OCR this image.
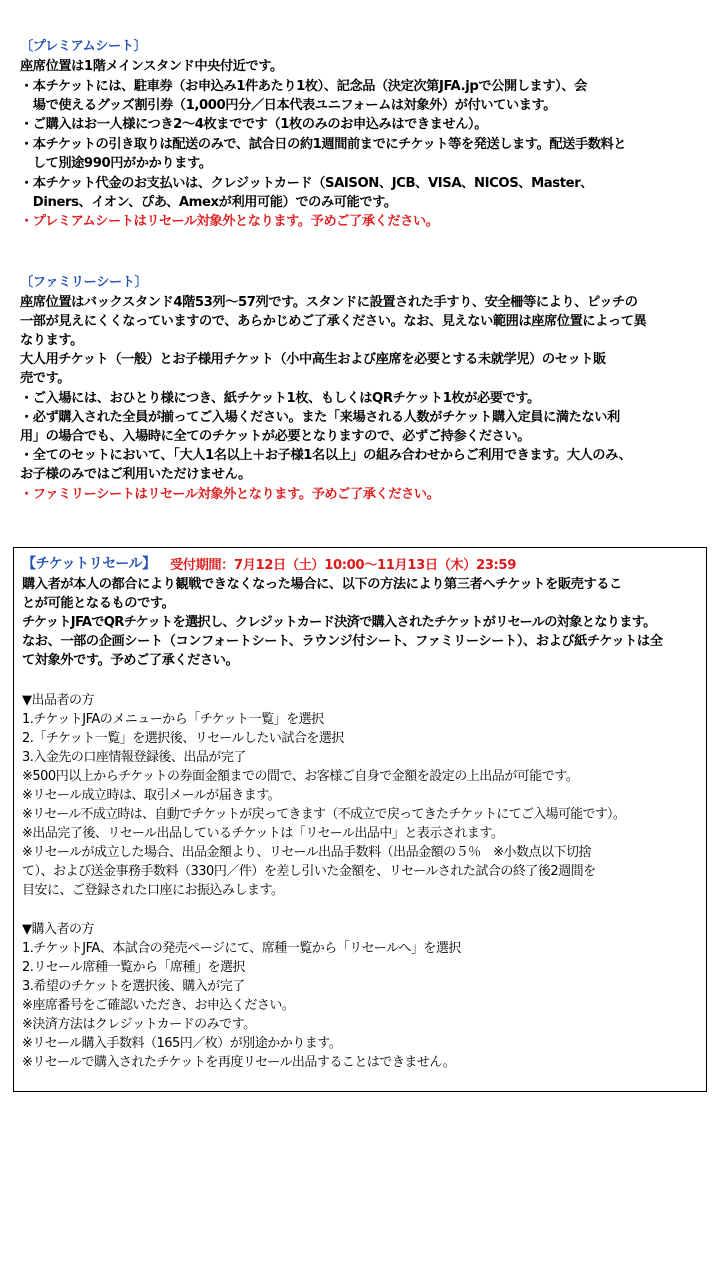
〔プレミアムシート〕
座席位置は1階メインスタンド中央付近です。
・本チケットには、駐車券（お申込み1件あたり1枚）、記念品（決定次第JFA.jpで公開します）、会
　場で使えるグッズ割引券（1,000円分／日本代表ユニフォームは対象外）が付いています。
・ご購入はお一人様につき2～4枚までです（1枚のみのお申込みはできません）。
・本チケットの引き取りは配送のみで、試合日の約1週間前までにチケット等を発送します。配送手数料と
　して別途990円がかかります。
・本チケット代金のお支払いは、クレジットカード（SAISON、JCB、VISA、NICOS、Master、
　Diners、イオン、ぴあ、Amexが利用可能）でのみ可能です。
・プレミアムシートはリセール対象外となります。予めご了承ください。
〔ファミリーシート〕
座席位置はバックスタンド4階53列～57列です。スタンドに設置された手すり、安全柵等により、ピッチの
一部が見えにくくなっていますので、あらかじめご了承ください。なお、見えない範囲は座席位置によって異
なります。
大人用チケット（一般）とお子様用チケット（小中高生および座席を必要とする未就学児）のセット販
売です。
・ご入場には、おひとり様につき、紙チケット1枚、もしくはQRチケット1枚が必要です。
・必ず購入された全員が揃ってご入場ください。また「来場される人数がチケット購入定員に満たない利
用」の場合でも、入場時に全てのチケットが必要となりますので、必ずご持参ください。
・全てのセットにおいて、「大人1名以上＋お子様1名以上」の組み合わせからご利用できます。大人のみ、
お子様のみではご利用いただけません。
・ファミリーシートはリセール対象外となります。予めご了承ください。
【チケットリセール】 受付期間：7月12日（土）10:00～11月13日（木）23:59
購入者が本人の都合により観戦できなくなった場合に、以下の方法により第三者へチケットを販売するこ
とが可能となるものです。
チケットJFAでQRチケットを選択し、クレジットカード決済で購入されたチケットがリセールの対象となります。
なお、一部の企画シート（コンフォートシート、ラウンジ付シート、ファミリーシート）、および紙チケットは全
て対象外です。予めご了承ください。
▼出品者の方
1.チケットJFAのメニューから「チケット一覧」を選択
2.「チケット一覧」を選択後、リセールしたい試合を選択
3.入金先の口座情報登録後、出品が完了
※500円以上からチケットの券面金額までの間で、お客様ご自身で金額を設定の上出品が可能です。
※リセール成立時は、取引メールが届きます。
※リセール不成立時は、自動でチケットが戻ってきます（不成立で戻ってきたチケットにてご入場可能です）。
※出品完了後、リセール出品しているチケットは「リセール出品中」と表示されます。
※リセールが成立した場合、出品金額より、リセール出品手数料（出品金額の５％　※小数点以下切捨
て）、および送金事務手数料（330円／件）を差し引いた金額を、リセールされた試合の終了後2週間を
目安に、ご登録された口座にお振込みします。
▼購入者の方
1.チケットJFA、本試合の発売ページにて、席種一覧から「リセールへ」を選択
2.リセール席種一覧から「席種」を選択
3.希望のチケットを選択後、購入が完了
※座席番号をご確認いただき、お申込ください。
※決済方法はクレジットカードのみです。
※リセール購入手数料（165円／枚）が別途かかります。
※リセールで購入されたチケットを再度リセール出品することはできません。
